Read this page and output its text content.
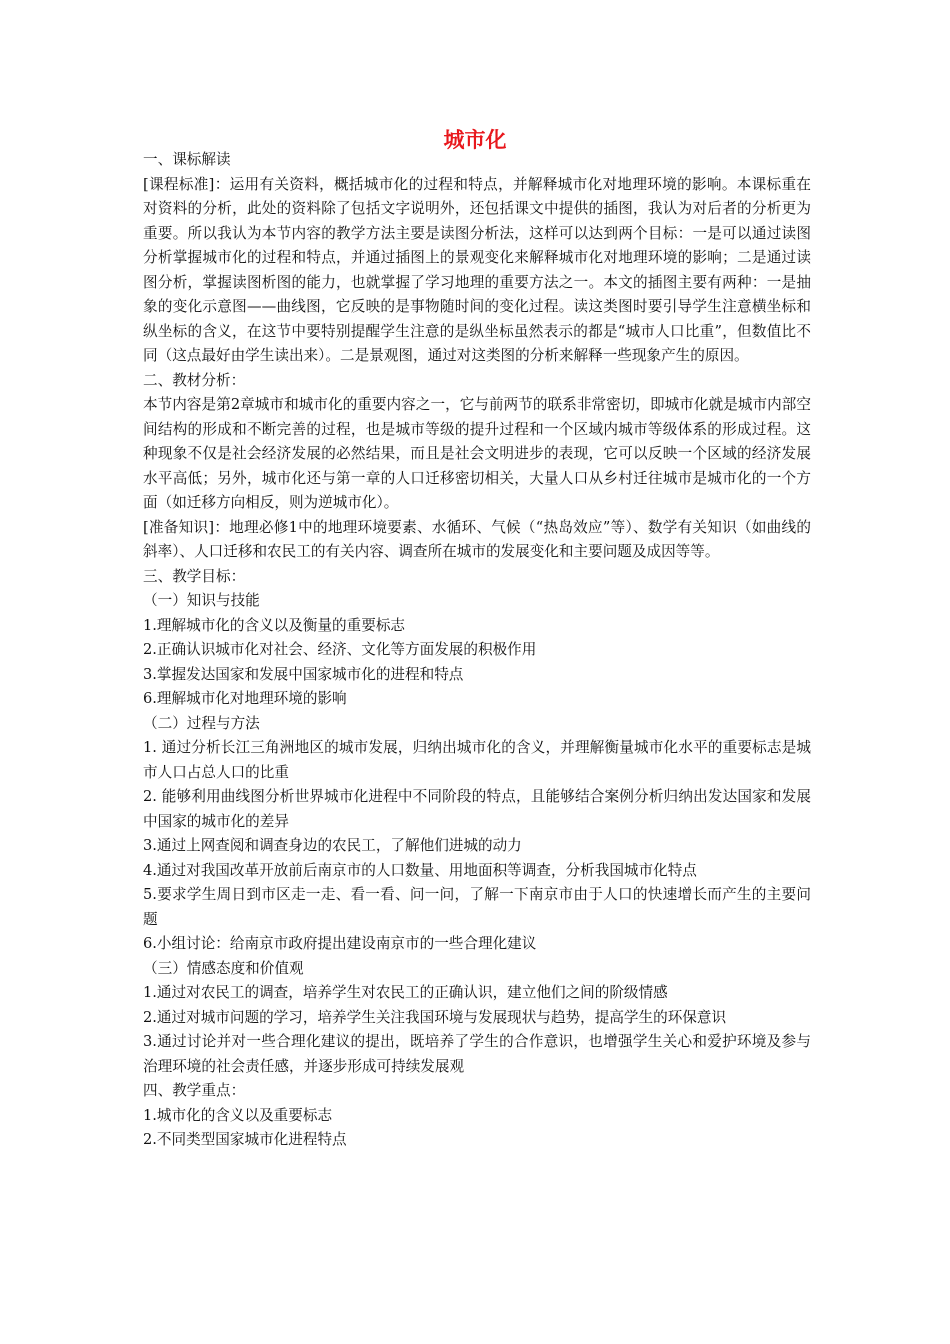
城市化

一、课标解读

[课程标准]：运用有关资料，概括城市化的过程和特点，并解释城市化对地理环境的影响。本课标重在对资料的分析，此处的资料除了包括文字说明外，还包括课文中提供的插图，我认为对后者的分析更为重要。所以我认为本节内容的教学方法主要是读图分析法，这样可以达到两个目标：一是可以通过读图分析掌握城市化的过程和特点，并通过插图上的景观变化来解释城市化对地理环境的影响；二是通过读图分析，掌握读图析图的能力，也就掌握了学习地理的重要方法之一。本文的插图主要有两种：一是抽象的变化示意图——曲线图，它反映的是事物随时间的变化过程。读这类图时要引导学生注意横坐标和纵坐标的含义，在这节中要特别提醒学生注意的是纵坐标虽然表示的都是“城市人口比重”，但数值比不同（这点最好由学生读出来）。二是景观图，通过对这类图的分析来解释一些现象产生的原因。

二、教材分析：

本节内容是第2章城市和城市化的重要内容之一，它与前两节的联系非常密切，即城市化就是城市内部空间结构的形成和不断完善的过程，也是城市等级的提升过程和一个区域内城市等级体系的形成过程。这种现象不仅是社会经济发展的必然结果，而且是社会文明进步的表现，它可以反映一个区域的经济发展水平高低；另外，城市化还与第一章的人口迁移密切相关，大量人口从乡村迁往城市是城市化的一个方面（如迁移方向相反，则为逆城市化）。

[准备知识]：地理必修1中的地理环境要素、水循环、气候（“热岛效应”等）、数学有关知识（如曲线的斜率）、人口迁移和农民工的有关内容、调查所在城市的发展变化和主要问题及成因等等。

三、教学目标：

（一）知识与技能

1.理解城市化的含义以及衡量的重要标志

2.正确认识城市化对社会、经济、文化等方面发展的积极作用

3.掌握发达国家和发展中国家城市化的进程和特点

6.理解城市化对地理环境的影响

（二）过程与方法

1. 通过分析长江三角洲地区的城市发展，归纳出城市化的含义，并理解衡量城市化水平的重要标志是城市人口占总人口的比重

2. 能够利用曲线图分析世界城市化进程中不同阶段的特点，且能够结合案例分析归纳出发达国家和发展中国家的城市化的差异

3.通过上网查阅和调查身边的农民工，了解他们进城的动力

4.通过对我国改革开放前后南京市的人口数量、用地面积等调查，分析我国城市化特点

5.要求学生周日到市区走一走、看一看、问一问，了解一下南京市由于人口的快速增长而产生的主要问题

6.小组讨论：给南京市政府提出建设南京市的一些合理化建议

（三）情感态度和价值观

1.通过对农民工的调查，培养学生对农民工的正确认识，建立他们之间的阶级情感

2.通过对城市问题的学习，培养学生关注我国环境与发展现状与趋势，提高学生的环保意识

3.通过讨论并对一些合理化建议的提出，既培养了学生的合作意识，也增强学生关心和爱护环境及参与治理环境的社会责任感，并逐步形成可持续发展观

四、教学重点：

1.城市化的含义以及重要标志

2.不同类型国家城市化进程特点
